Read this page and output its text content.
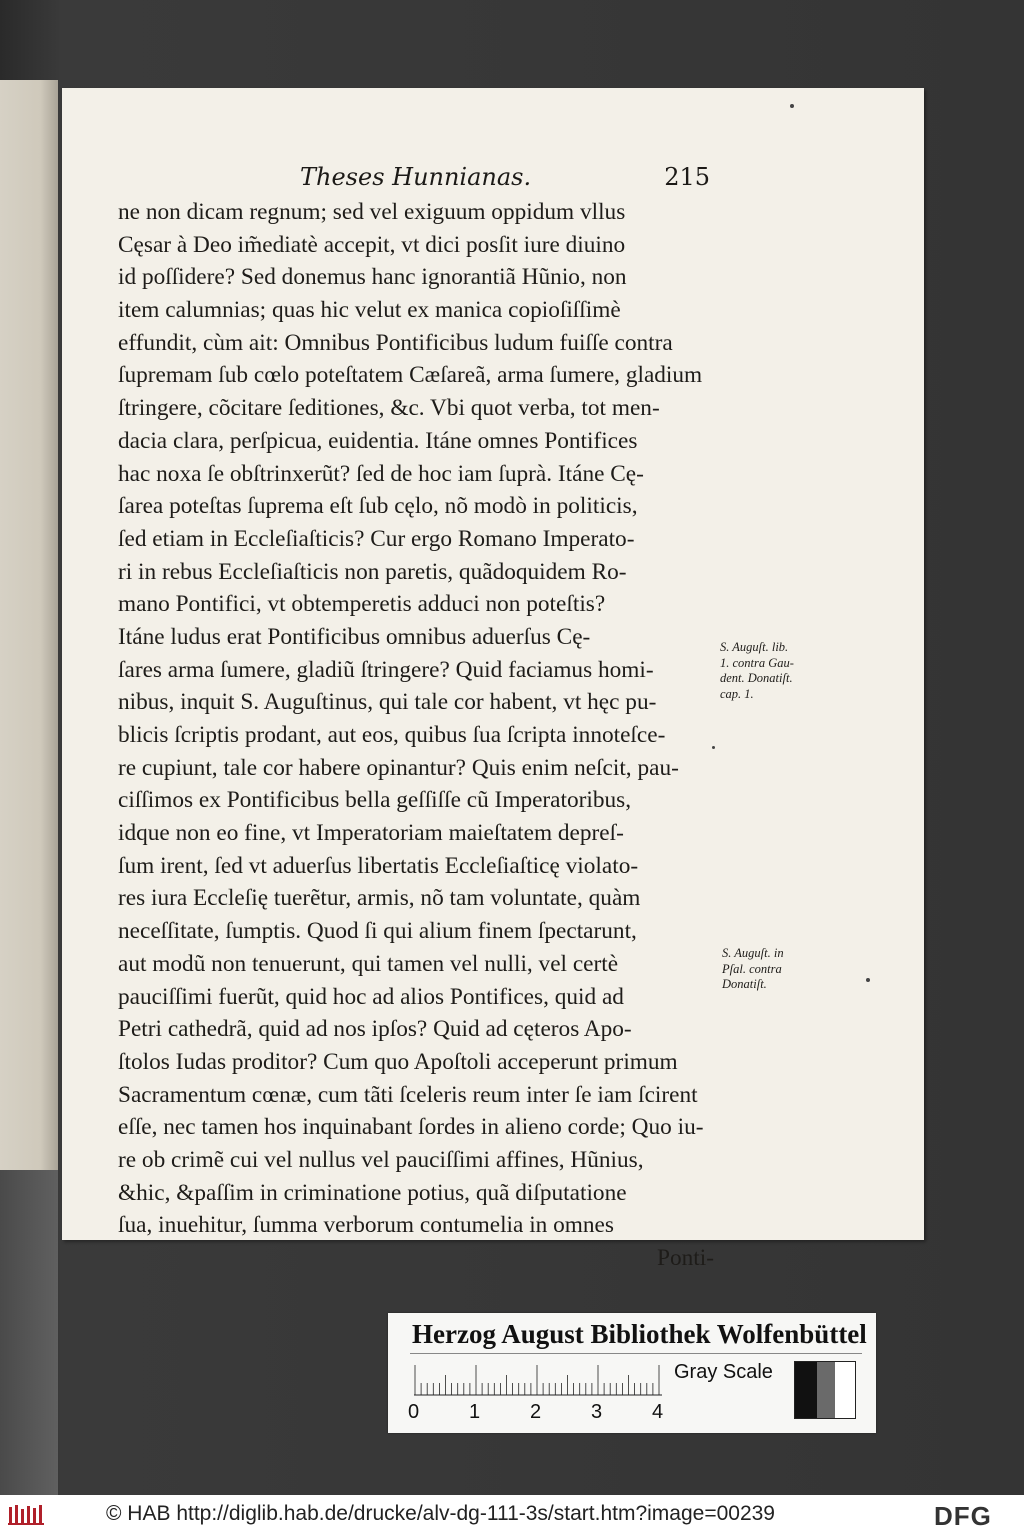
Theses Hunnianas.	215
ne non dicam regnum; sed vel exiguum oppidum vllus
Cęsar à Deo im̃ediatè accepit, vt dici posſit iure diuino
id poſſidere? Sed donemus hanc ignorantiã Hũnio, non
item calumnias; quas hic velut ex manica copioſiſſimè
effundit, cùm ait: Omnibus Pontificibus ludum fuiſſe contra
ſupremam ſub cœlo poteſtatem Cæſareã, arma ſumere, gladium
ſtringere, cõcitare ſeditiones, &c. Vbi quot verba, tot men-
dacia clara, perſpicua, euidentia. Itáne omnes Pontifices
hac noxa ſe obſtrinxerũt? ſed de hoc iam ſuprà. Itáne Cę-
ſarea poteſtas ſuprema eſt ſub cęlo, nõ modò in politicis,
ſed etiam in Eccleſiaſticis? Cur ergo Romano Imperato-
ri in rebus Eccleſiaſticis non paretis, quãdoquidem Ro-
mano Pontifici, vt obtemperetis adduci non poteſtis?
Itáne ludus erat Pontificibus omnibus aduerſus Cę-
ſares arma ſumere, gladiũ ſtringere? Quid faciamus homi-
nibus, inquit S. Auguſtinus, qui tale cor habent, vt hęc pu-
blicis ſcriptis prodant, aut eos, quibus ſua ſcripta innoteſce-
re cupiunt, tale cor habere opinantur? Quis enim neſcit, pau-
ciſſimos ex Pontificibus bella geſſiſſe cũ Imperatoribus,
idque non eo fine, vt Imperatoriam maieſtatem depreſ-
ſum irent, ſed vt aduerſus libertatis Eccleſiaſticę violato-
res iura Eccleſię tuerẽtur, armis, nõ tam voluntate, quàm
neceſſitate, ſumptis. Quod ſi qui alium finem ſpectarunt,
aut modũ non tenuerunt, qui tamen vel nulli, vel certè
pauciſſimi fuerũt, quid hoc ad alios Pontifices, quid ad
Petri cathedrã, quid ad nos ipſos? Quid ad cęteros Apo-
ſtolos Iudas proditor? Cum quo Apoſtoli acceperunt primum
Sacramentum cœnæ, cum tãti ſceleris reum inter ſe iam ſcirent
eſſe, nec tamen hos inquinabant ſordes in alieno corde; Quo iu-
re ob crimẽ cui vel nullus vel pauciſſimi affines, Hũnius,
&hic, &paſſim in criminatione potius, quã diſputatione
ſua, inuehitur, ſumma verborum contumelia in omnes
Ponti-
S. Auguſt. lib.
1. contra Gau-
dent. Donatiſt.
cap. 1.
S. Auguſt. in
Pſal. contra
Donatiſt.
Herzog August Bibliothek Wolfenbüttel
0 1 2 3 4
Gray Scale
© HAB http://diglib.hab.de/drucke/alv-dg-111-3s/start.htm?image=00239	DFG
